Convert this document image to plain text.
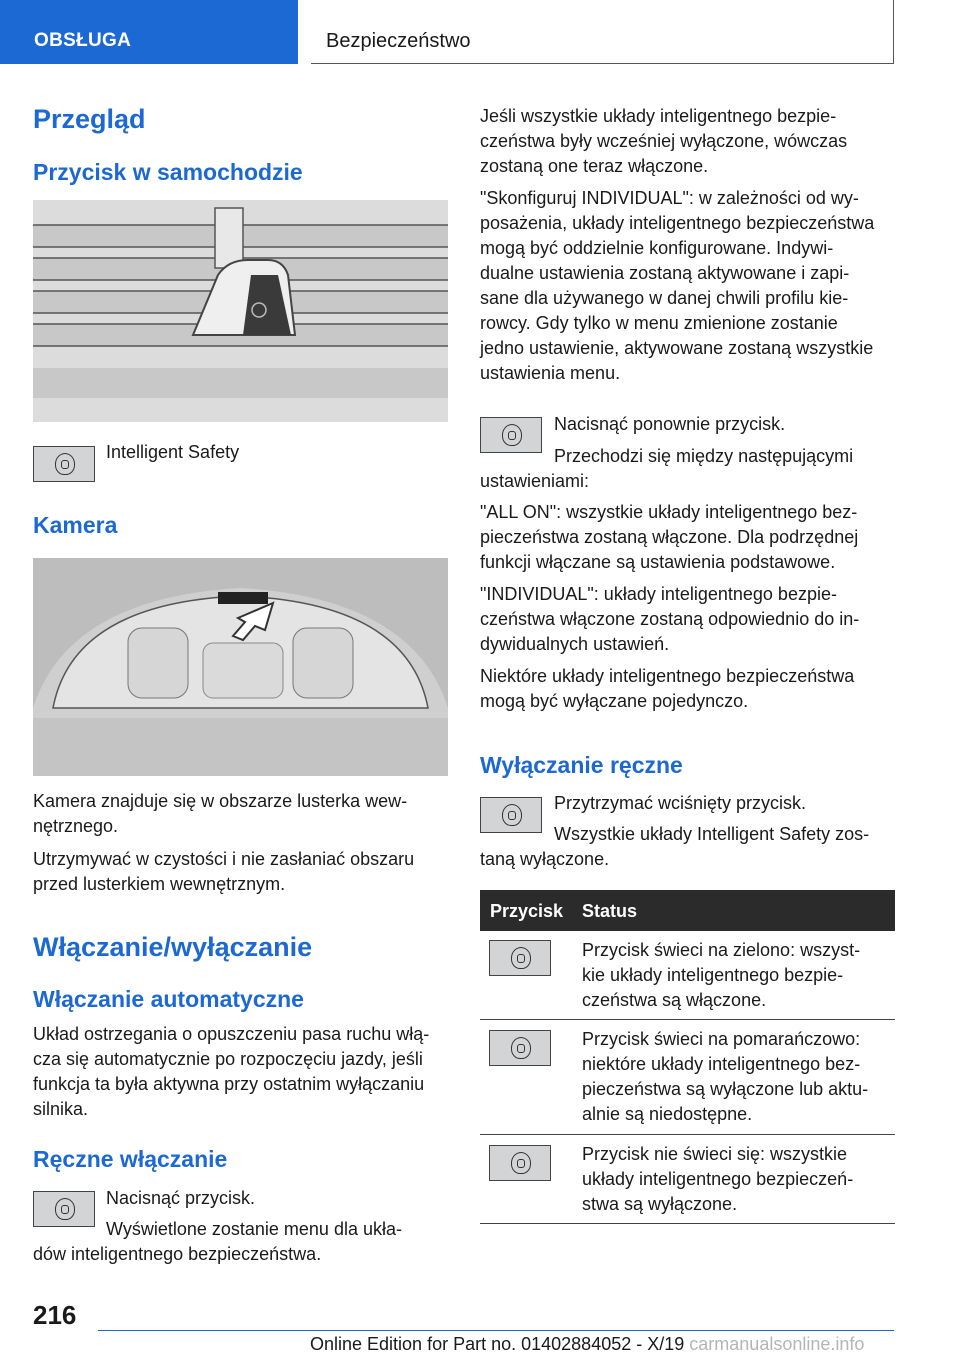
OBSŁUGA	Bezpieczeństwo
Przegląd
Przycisk w samochodzie

Intelligent Safety

Kamera

Kamera znajduje się w obszarze lusterka wew-
nętrznego.

Utrzymywać w czystości i nie zasłaniać obszaru
przed lusterkiem wewnętrznym.

Włączanie/wyłączanie
Włączanie automatyczne

Układ ostrzegania o opuszczeniu pasa ruchu włą-
cza się automatycznie po rozpoczęciu jazdy, jeśli
funkcja ta była aktywna przy ostatnim wyłączaniu
silnika.

Ręczne włączanie

Nacisnąć przycisk.

Wyświetlone zostanie menu dla ukła-
dów inteligentnego bezpieczeństwa.

Jeśli wszystkie układy inteligentnego bezpie-
czeństwa były wcześniej wyłączone, wówczas
zostaną one teraz włączone.

"Skonfiguruj INDIVIDUAL": w zależności od wy-
posażenia, układy inteligentnego bezpieczeństwa
mogą być oddzielnie konfigurowane. Indywi-
dualne ustawienia zostaną aktywowane i zapi-
sane dla używanego w danej chwili profilu kie-
rowcy. Gdy tylko w menu zmienione zostanie
jedno ustawienie, aktywowane zostaną wszystkie
ustawienia menu.

Nacisnąć ponownie przycisk.

Przechodzi się między następującymi
ustawieniami:

"ALL ON": wszystkie układy inteligentnego bez-
pieczeństwa zostaną włączone. Dla podrzędnej
funkcji włączane są ustawienia podstawowe.

"INDIVIDUAL": układy inteligentnego bezpie-
czeństwa włączone zostaną odpowiednio do in-
dywidualnych ustawień.

Niektóre układy inteligentnego bezpieczeństwa
mogą być wyłączane pojedynczo.

Wyłączanie ręczne

Przytrzymać wciśnięty przycisk.

Wszystkie układy Intelligent Safety zos-
taną wyłączone.

Przycisk Status

Przycisk świeci na zielono: wszyst-
kie układy inteligentnego bezpie-
czeństwa są włączone.

Przycisk świeci na pomarańczowo:
niektóre układy inteligentnego bez-
pieczeństwa są wyłączone lub aktu-
alnie są niedostępne.

Przycisk nie świeci się: wszystkie
układy inteligentnego bezpieczeń-
stwa są wyłączone.

216
Online Edition for Part no. 01402884052 - X/19 carmanualsonline.info
